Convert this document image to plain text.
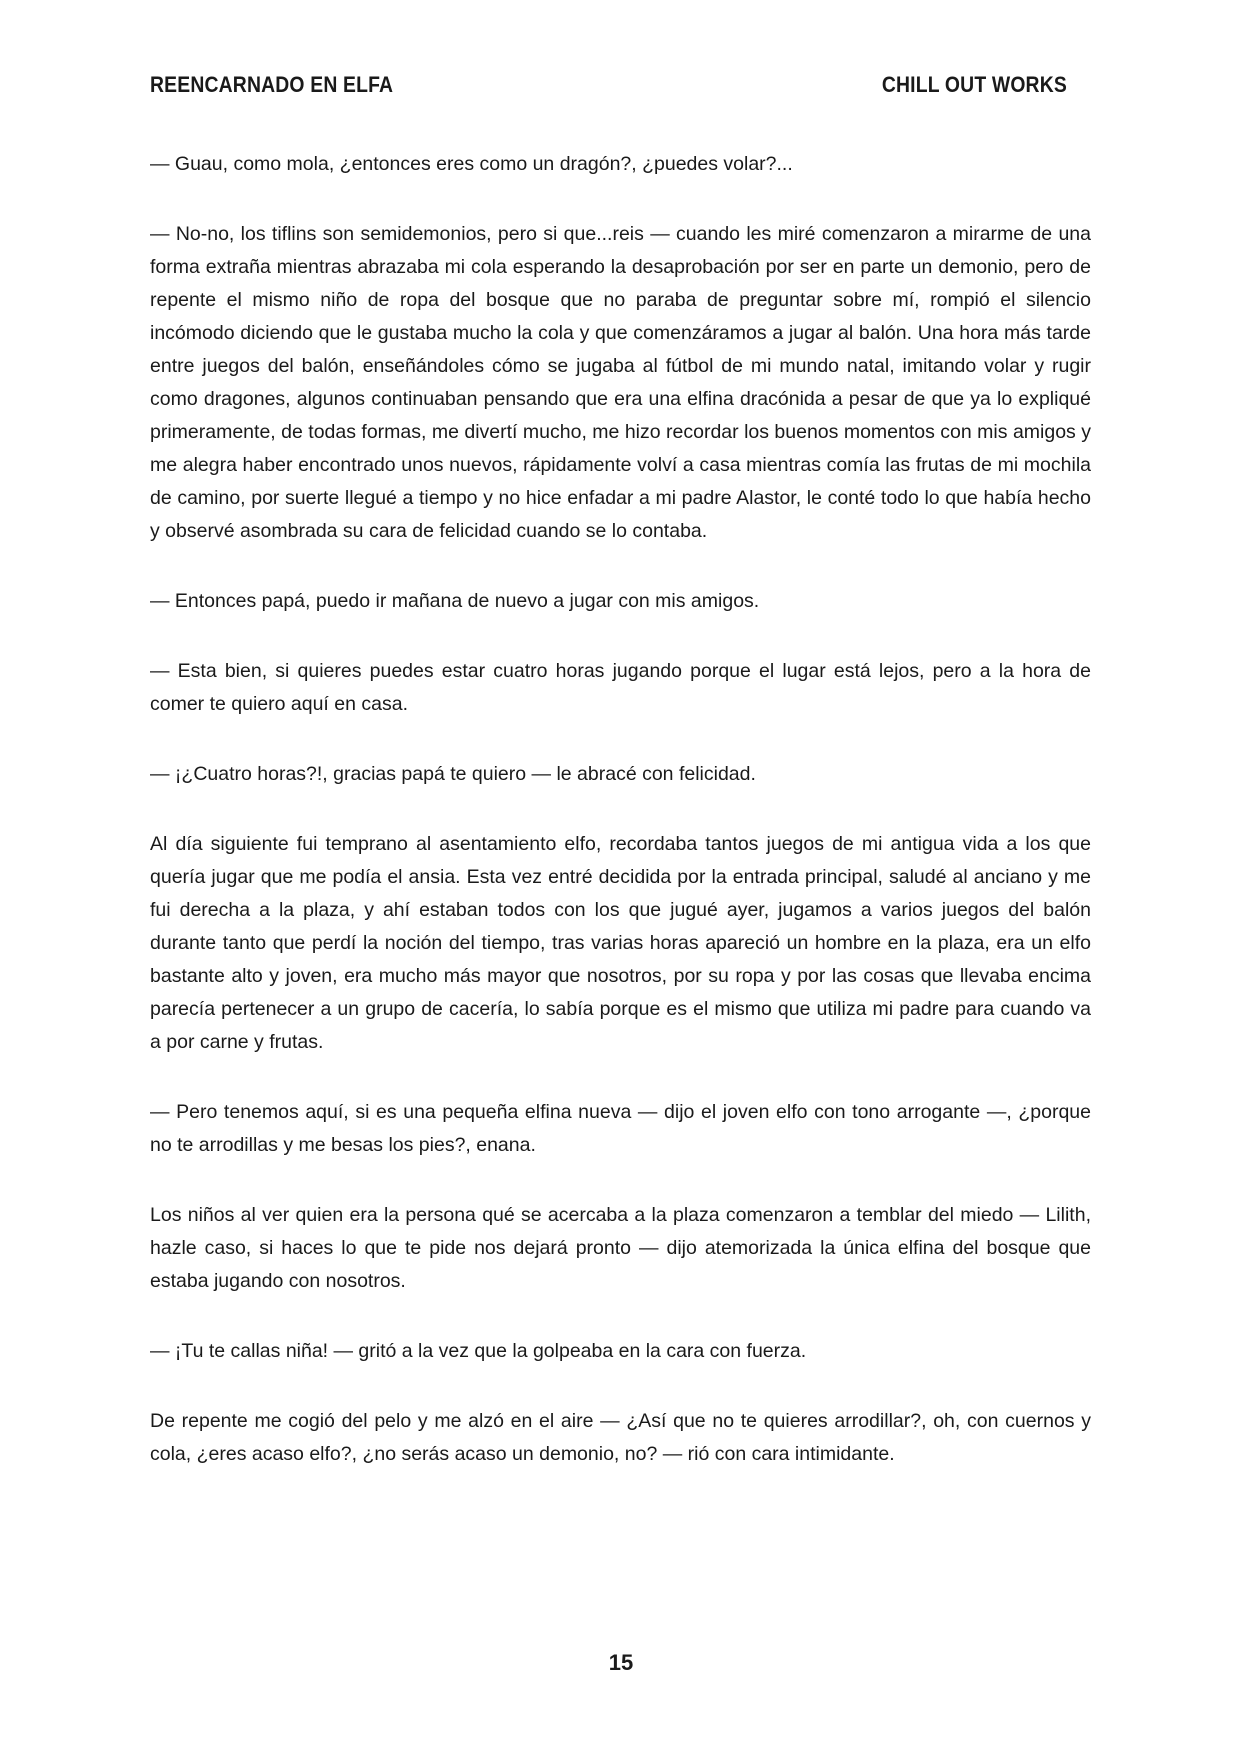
REENCARNADO EN ELFA	CHILL OUT WORKS

— Guau, como mola, ¿entonces eres como un dragón?, ¿puedes volar?...

— No-no, los tiflins son semidemonios, pero si que...reis — cuando les miré comenzaron a mirarme de una forma extraña mientras abrazaba mi cola esperando la desaprobación por ser en parte un demonio, pero de repente el mismo niño de ropa del bosque que no paraba de preguntar sobre mí, rompió el silencio incómodo diciendo que le gustaba mucho la cola y que comenzáramos a jugar al balón. Una hora más tarde entre juegos del balón, enseñándoles cómo se jugaba al fútbol de mi mundo natal, imitando volar y rugir como dragones, algunos continuaban pensando que era una elfina dracónida a pesar de que ya lo expliqué primeramente, de todas formas, me divertí mucho, me hizo recordar los buenos momentos con mis amigos y me alegra haber encontrado unos nuevos, rápidamente volví a casa mientras comía las frutas de mi mochila de camino, por suerte llegué a tiempo y no hice enfadar a mi padre Alastor, le conté todo lo que había hecho y observé asombrada su cara de felicidad cuando se lo contaba.

— Entonces papá, puedo ir mañana de nuevo a jugar con mis amigos.

— Esta bien, si quieres puedes estar cuatro horas jugando porque el lugar está lejos, pero a la hora de comer te quiero aquí en casa.

— ¡¿Cuatro horas?!, gracias papá te quiero — le abracé con felicidad.

Al día siguiente fui temprano al asentamiento elfo, recordaba tantos juegos de mi antigua vida a los que quería jugar que me podía el ansia. Esta vez entré decidida por la entrada principal, saludé al anciano y me fui derecha a la plaza, y ahí estaban todos con los que jugué ayer, jugamos a varios juegos del balón durante tanto que perdí la noción del tiempo, tras varias horas apareció un hombre en la plaza, era un elfo bastante alto y joven, era mucho más mayor que nosotros, por su ropa y por las cosas que llevaba encima parecía pertenecer a un grupo de cacería, lo sabía porque es el mismo que utiliza mi padre para cuando va a por carne y frutas.

— Pero tenemos aquí, si es una pequeña elfina nueva — dijo el joven elfo con tono arrogante —, ¿porque no te arrodillas y me besas los pies?, enana.

Los niños al ver quien era la persona qué se acercaba a la plaza comenzaron a temblar del miedo — Lilith, hazle caso, si haces lo que te pide nos dejará pronto — dijo atemorizada la única elfina del bosque que estaba jugando con nosotros.

— ¡Tu te callas niña! — gritó a la vez que la golpeaba en la cara con fuerza.

De repente me cogió del pelo y me alzó en el aire — ¿Así que no te quieres arrodillar?, oh, con cuernos y cola, ¿eres acaso elfo?, ¿no serás acaso un demonio, no? — rió con cara intimidante.

15
